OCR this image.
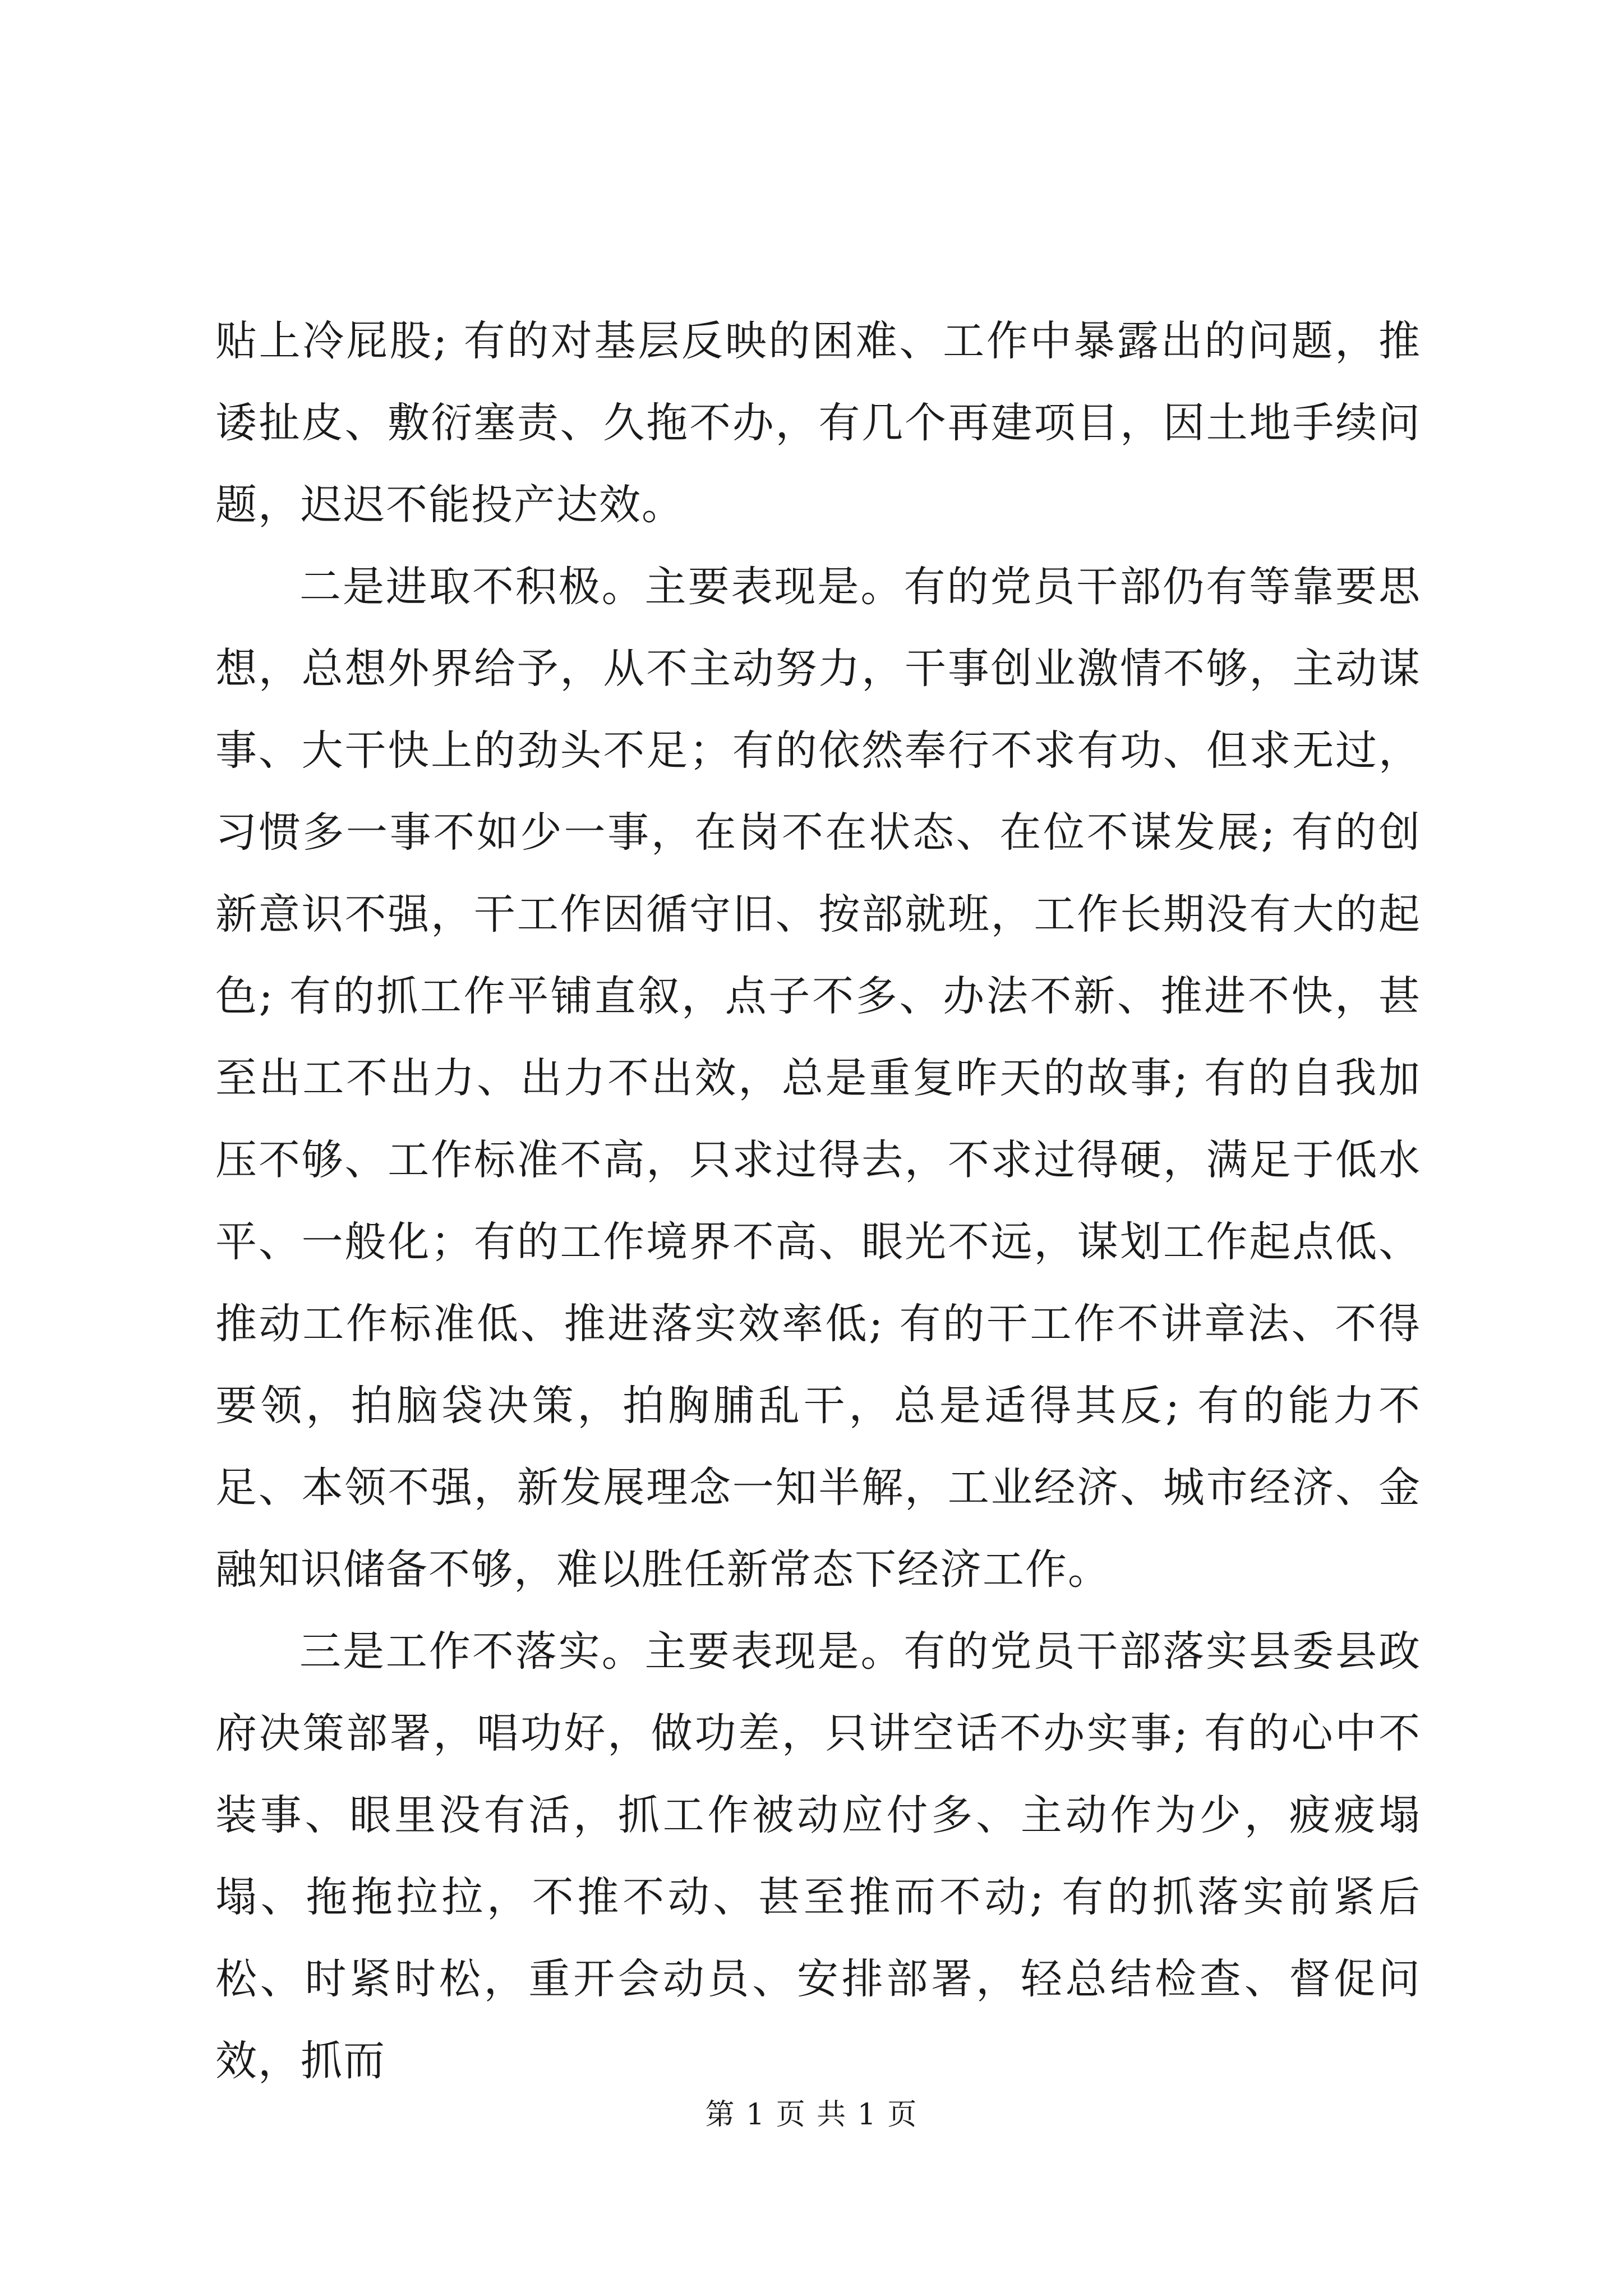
贴上冷屁股; 有的对基层反映的困难、工作中暴露出的问题，推诿扯皮、敷衍塞责、久拖不办，有几个再建项目，因土地手续问题，迟迟不能投产达效。

二是进取不积极。主要表现是。有的党员干部仍有等靠要思想，总想外界给予，从不主动努力，干事创业激情不够，主动谋事、大干快上的劲头不足；有的依然奉行不求有功、但求无过，习惯多一事不如少一事，在岗不在状态、在位不谋发展; 有的创新意识不强，干工作因循守旧、按部就班，工作长期没有大的起色; 有的抓工作平铺直叙，点子不多、办法不新、推进不快，甚至出工不出力、出力不出效，总是重复昨天的故事; 有的自我加压不够、工作标准不高，只求过得去，不求过得硬，满足于低水平、一般化；有的工作境界不高、眼光不远，谋划工作起点低、推动工作标准低、推进落实效率低; 有的干工作不讲章法、不得要领，拍脑袋决策，拍胸脯乱干，总是适得其反; 有的能力不足、本领不强，新发展理念一知半解，工业经济、城市经济、金融知识储备不够，难以胜任新常态下经济工作。

三是工作不落实。主要表现是。有的党员干部落实县委县政府决策部署，唱功好，做功差，只讲空话不办实事; 有的心中不装事、眼里没有活，抓工作被动应付多、主动作为少，疲疲塌塌、拖拖拉拉，不推不动、甚至推而不动; 有的抓落实前紧后松、时紧时松，重开会动员、安排部署，轻总结检查、督促问效，抓而

第 1 页 共 1 页
